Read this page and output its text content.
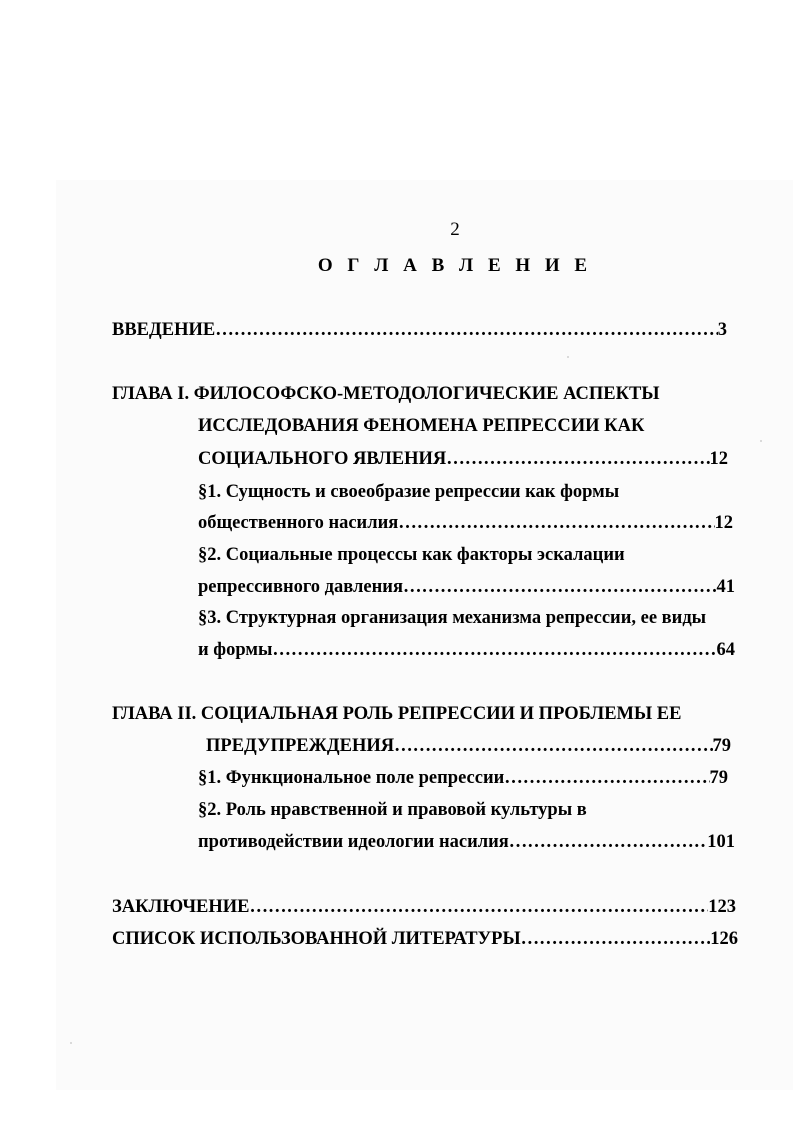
2
О Г Л А В Л Е Н И Е
ВВЕДЕНИЕ ……………………………………………………………………………………………………………………………………………………	3
ГЛАВА I. ФИЛОСОФСКО-МЕТОДОЛОГИЧЕСКИЕ АСПЕКТЫ
ИССЛЕДОВАНИЯ ФЕНОМЕНА РЕПРЕССИИ КАК
СОЦИАЛЬНОГО ЯВЛЕНИЯ ……………………………………………………………………………………………………………………………………………………	12
§1. Сущность и своеобразие репрессии как формы
общественного насилия ……………………………………………………………………………………………………………………………………………………	12
§2. Социальные процессы как факторы эскалации
репрессивного давления ……………………………………………………………………………………………………………………………………………………	41
§3. Структурная организация механизма репрессии, ее виды
и формы ……………………………………………………………………………………………………………………………………………………	64
ГЛАВА II. СОЦИАЛЬНАЯ РОЛЬ РЕПРЕССИИ И ПРОБЛЕМЫ ЕЕ
ПРЕДУПРЕЖДЕНИЯ ……………………………………………………………………………………………………………………………………………………	79
§1. Функциональное поле репрессии ……………………………………………………………………………………………………………………………………………………	79
§2. Роль нравственной и правовой культуры в
противодействии идеологии насилия ……………………………………………………………………………………………………………………………………………………	101
ЗАКЛЮЧЕНИЕ ……………………………………………………………………………………………………………………………………………………	123
СПИСОК ИСПОЛЬЗОВАННОЙ ЛИТЕРАТУРЫ ……………………………………………………………………………………………………………………………………………………	126
